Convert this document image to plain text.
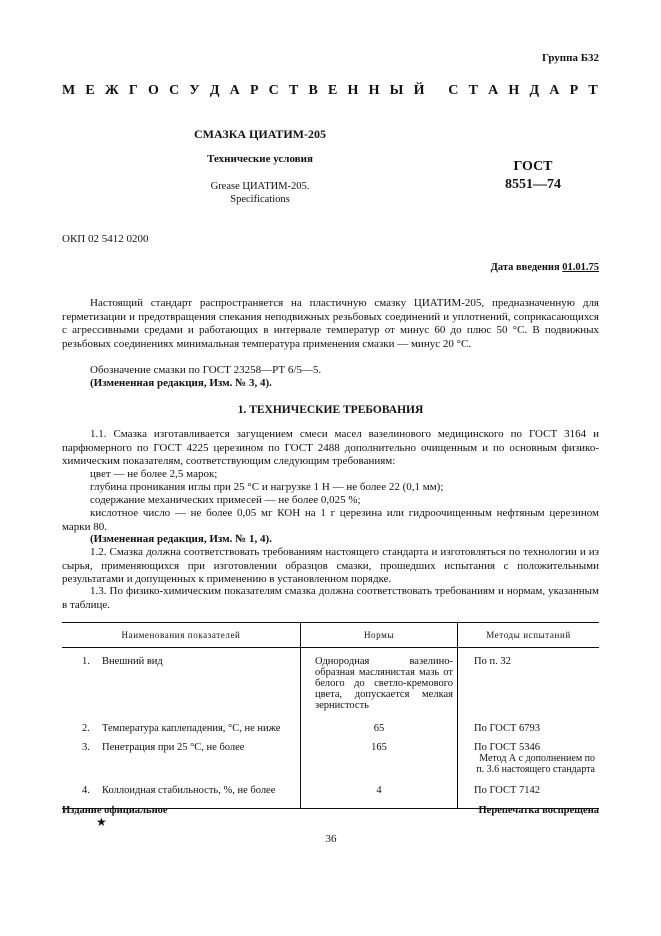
Группа Б32
М Е Ж Г О С У Д А Р С Т В Е Н Н Ы Й
С Т А Н Д А Р Т
СМАЗКА ЦИАТИМ-205
Технические условия
Grease ЦИАТИМ-205.
Specifications
ГОСТ
8551—74
ОКП 02 5412 0200
Дата введения 01.01.75
Настоящий стандарт распространяется на пластичную смазку ЦИАТИМ-205, предназначенную для герметизации и предотвращения спекания неподвижных резьбовых соединений и уплотнений, соприкасающихся с агрессивными средами и работающих в интервале температур от минус 60 до плюс 50 °С. В подвижных резьбовых соединениях минимальная температура применения смазки — минус 20 °С.
Обозначение смазки по ГОСТ 23258—РТ 6/5—5.
(Измененная редакция, Изм. № 3, 4).
1. ТЕХНИЧЕСКИЕ ТРЕБОВАНИЯ
1.1. Смазка изготавливается загущением смеси масел вазелинового медицинского по ГОСТ 3164 и парфюмерного по ГОСТ 4225 церезином по ГОСТ 2488 дополнительно очищенным и по основным физико-химическим показателям, соответствующим следующим требованиям:
цвет — не более 2,5 марок;
глубина проникания иглы при 25 °С и нагрузке 1 Н — не более 22 (0,1 мм);
содержание механических примесей — не более 0,025 %;
кислотное число — не более 0,05 мг КОН на 1 г церезина или гидроочищенным нефтяным церезином марки 80.
(Измененная редакция, Изм. № 1, 4).
1.2. Смазка должна соответствовать требованиям настоящего стандарта и изготовляться по технологии и из сырья, применяющихся при изготовлении образцов смазки, прошедших испытания с положительными результатами и допущенных к применению в установленном порядке.
1.3. По физико-химическим показателям смазка должна соответствовать требованиям и нормам, указанным в таблице.
Наименования показателей	Нормы	Методы испытаний
1. Внешний вид	Однородная вазелино-образная маслянистая мазь от белого до светло-кремового цвета, допускается мелкая зернистость	По п. 32
2. Температура каплепадения, °С, не ниже	65	По ГОСТ 6793
3. Пенетрация при 25 °С, не более	165	По ГОСТ 5346
Метод А с дополнением по п. 3.6 настоящего стандарта

4. Коллоидная стабильность, %, не более	4	По ГОСТ 7142
Издание официальное
★
Перепечатка воспрещена
36
